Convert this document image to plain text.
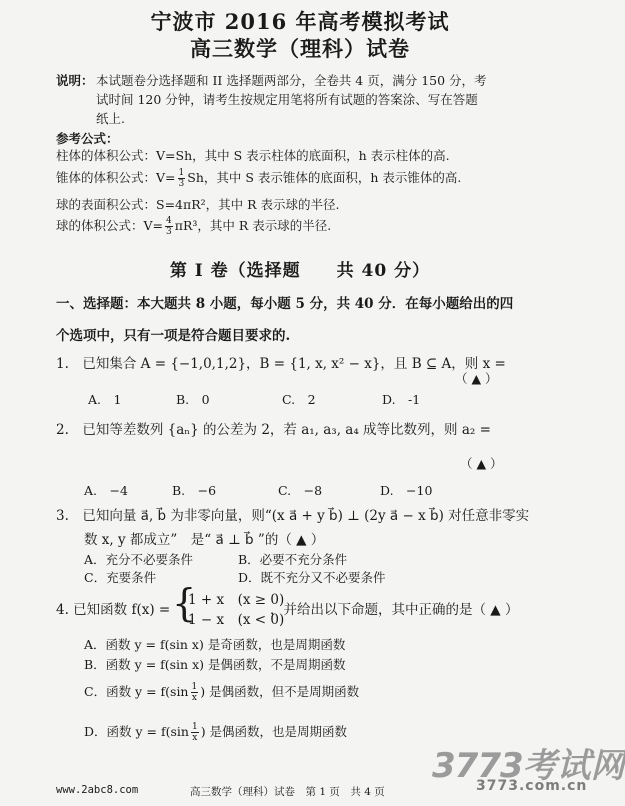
宁波市 2016 年高考模拟考试
高三数学（理科）试卷
说明： 本试题卷分选择题和 II 选择题两部分，全卷共 4 页，满分 150 分，考
试时间 120 分钟，请考生按规定用笔将所有试题的答案涂、写在答题
纸上.
参考公式：
柱体的体积公式：V=Sh，其中 S 表示柱体的底面积，h 表示柱体的高.
锥体的体积公式：$V= \frac{1}{3}$ Sh，其中 S 表示锥体的底面积，h 表示锥体的高.
球的表面积公式：S=4πR²，其中 R 表示球的半径.
球的体积公式：$V= \frac{4}{3} \pi R^3$，其中 R 表示球的半径.
第 I 卷（选择题　　共 40 分）
一、选择题：本大题共 8 小题，每小题 5 分，共 40 分．在每小题给出的四
个选项中，只有一项是符合题目要求的.
1.　已知集合 A = {−1,0,1,2}，B = {1, x, x² − x}，且 B ⊆ A，则 x =
（ ▲ ）
A.　1	B.　0	C.　2	D.　-1
2.　已知等差数列 {aₙ} 的公差为 2，若 a₁, a₃, a₄ 成等比数列，则 a₂ =
（ ▲ ）
A.　−4	B.　−6	C.　−8	D.　−10
3.　已知向量 a⃗, b⃗ 为非零向量，则“(x a⃗ + y b⃗) ⊥ (2y a⃗ − x b⃗) 对任意非零实
数 x, y 都成立”　是“ a⃗ ⊥ b⃗ ”的（ ▲ ）
A．充分不必要条件	B．必要不充分条件
C．充要条件	D．既不充分又不必要条件
4. 已知函数 f(x) = {
1 + x　(x ≥ 0)
1 − x　(x < 0)
，并给出以下命题，其中正确的是（ ▲ ）
A．函数 y = f(sin x) 是奇函数，也是周期函数
B．函数 y = f(sin x) 是偶函数，不是周期函数
C．函数 $y = f(\sin \frac{1}{x}$ ) 是偶函数，但不是周期函数
D．函数 $y = f(\sin \frac{1}{x}$ ) 是偶函数，也是周期函数
3773考试网
3773.com.cn
www.2abc8.com	高三数学（理科）试卷　第 1 页　共 4 页
